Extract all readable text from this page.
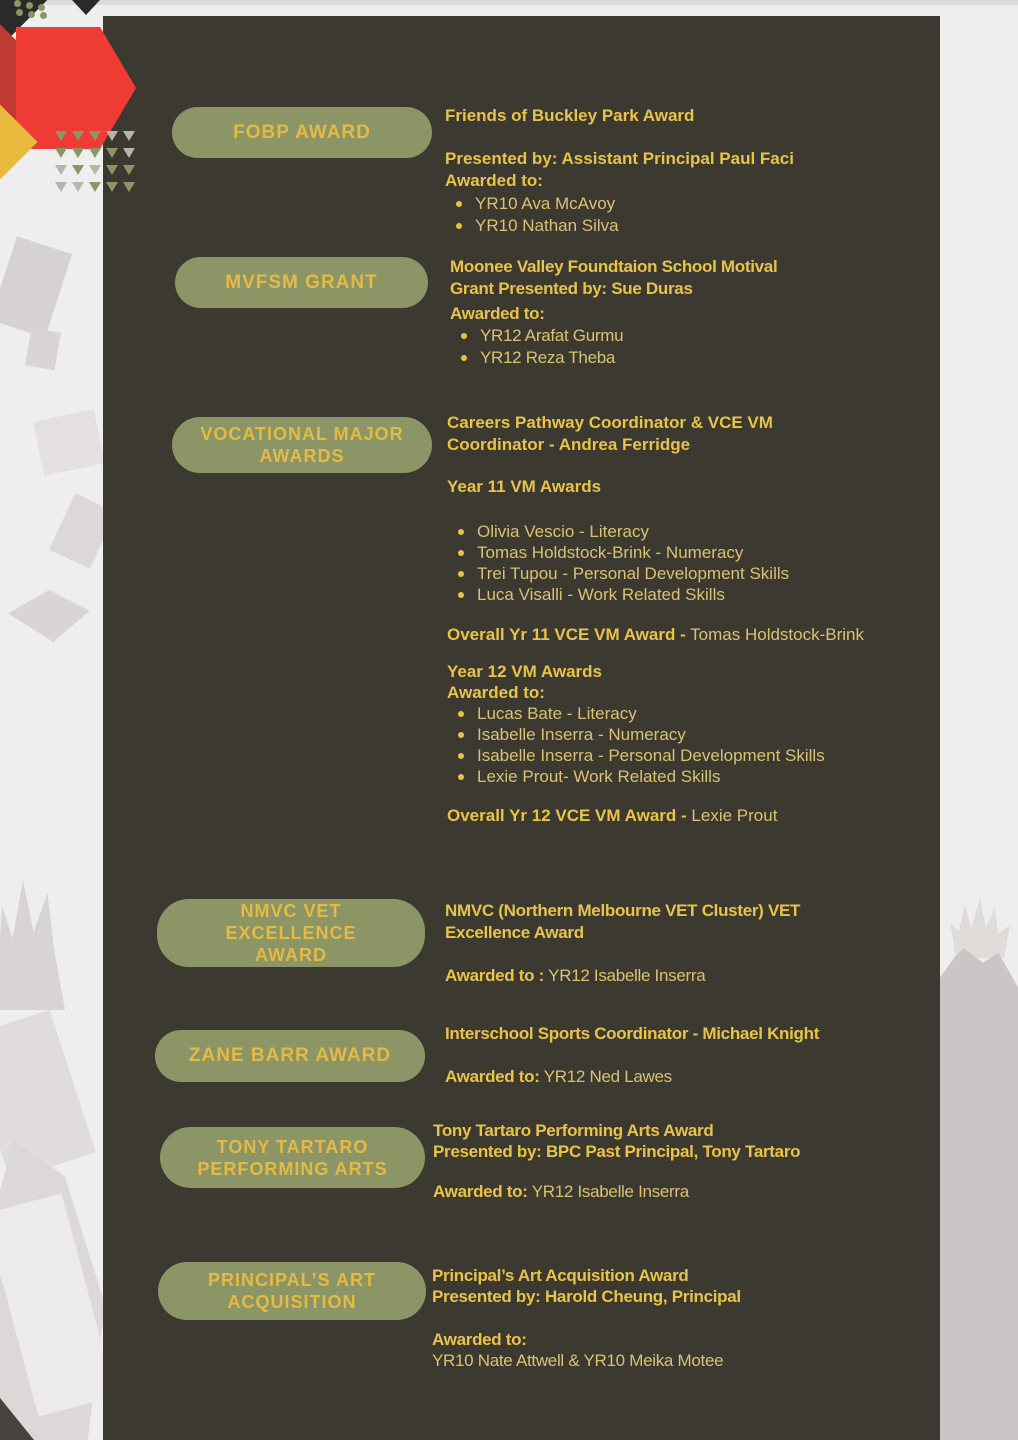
FOBP AWARD
Friends of Buckley Park Award
Presented by: Assistant Principal Paul Faci
Awarded to:
YR10 Ava McAvoy
YR10 Nathan Silva
MVFSM GRANT
Moonee Valley Foundtaion School Motival
Grant Presented by: Sue Duras
Awarded to:
YR12 Arafat Gurmu
YR12 Reza Theba
VOCATIONAL MAJOR AWARDS
Careers Pathway Coordinator & VCE VM
Coordinator - Andrea Ferridge
Year 11 VM Awards
Olivia Vescio - Literacy
Tomas Holdstock-Brink - Numeracy
Trei Tupou - Personal Development Skills
Luca Visalli - Work Related Skills
Overall Yr 11 VCE VM Award - Tomas Holdstock-Brink
Year 12 VM Awards
Awarded to:
Lucas Bate - Literacy
Isabelle Inserra - Numeracy
Isabelle Inserra - Personal Development Skills
Lexie Prout- Work Related Skills
Overall Yr 12 VCE VM Award - Lexie Prout
NMVC VET EXCELLENCE AWARD
NMVC (Northern Melbourne VET Cluster) VET
Excellence Award
Awarded to : YR12 Isabelle Inserra
ZANE BARR AWARD
Interschool Sports Coordinator - Michael Knight
Awarded to: YR12 Ned Lawes
TONY TARTARO PERFORMING ARTS
Tony Tartaro Performing Arts Award
Presented by: BPC Past Principal, Tony Tartaro
Awarded to: YR12 Isabelle Inserra
PRINCIPAL’S ART ACQUISITION
Principal’s Art Acquisition Award
Presented by: Harold Cheung, Principal
Awarded to:
YR10 Nate Attwell & YR10 Meika Motee
